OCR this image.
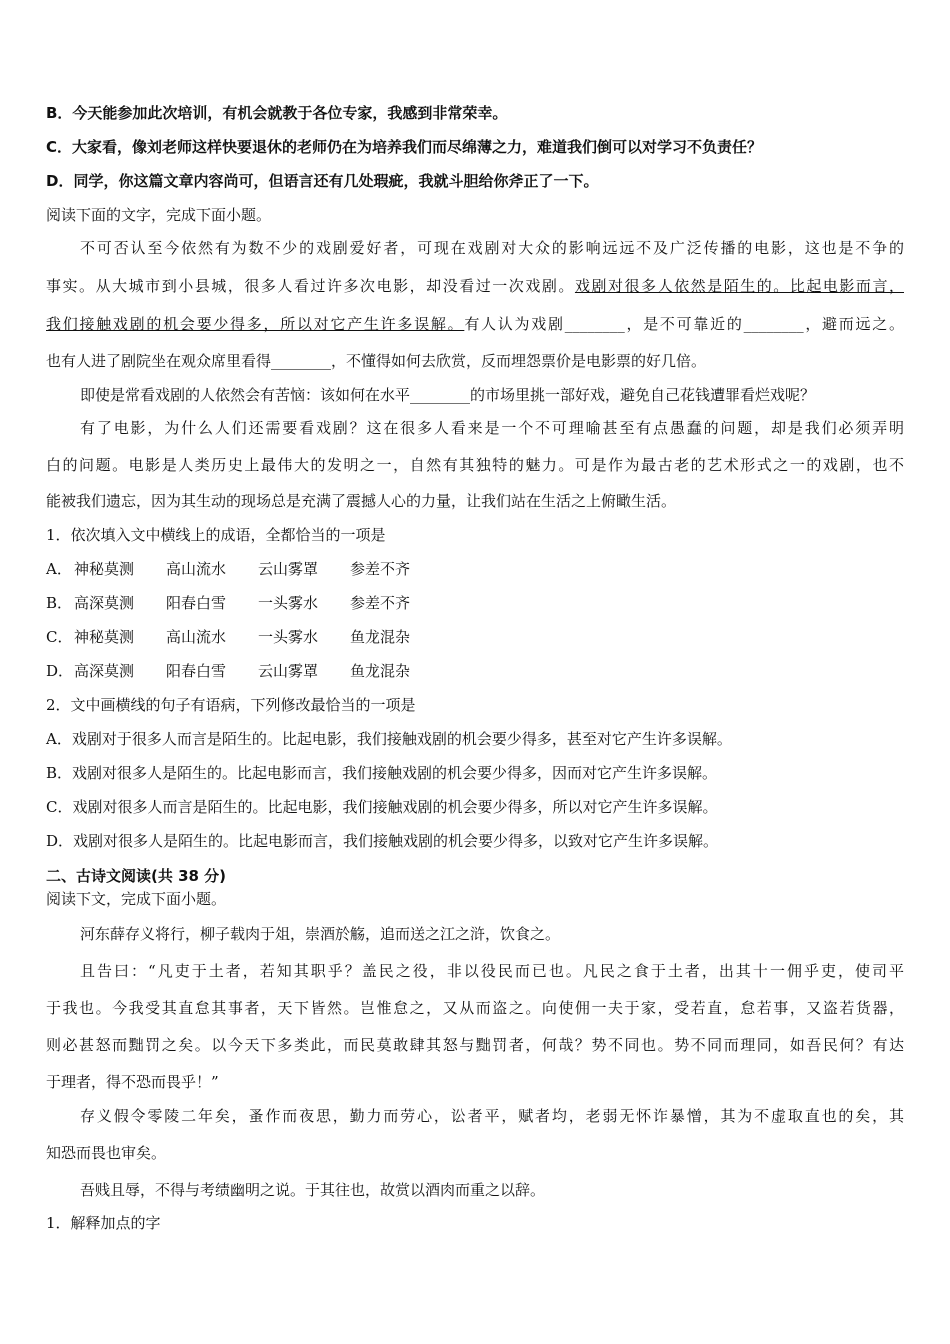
B．今天能参加此次培训，有机会就教于各位专家，我感到非常荣幸。
C．大家看，像刘老师这样快要退休的老师仍在为培养我们而尽绵薄之力，难道我们倒可以对学习不负责任？
D．同学，你这篇文章内容尚可，但语言还有几处瑕疵，我就斗胆给你斧正了一下。
阅读下面的文字，完成下面小题。
不可否认至今依然有为数不少的戏剧爱好者，可现在戏剧对大众的影响远远不及广泛传播的电影，这也是不争的
事实。从大城市到小县城，很多人看过许多次电影，却没看过一次戏剧。戏剧对很多人依然是陌生的。比起电影而言，
我们接触戏剧的机会要少得多，所以对它产生许多误解。有人认为戏剧________，是不可靠近的________，避而远之。
也有人进了剧院坐在观众席里看得________，不懂得如何去欣赏，反而埋怨票价是电影票的好几倍。
即使是常看戏剧的人依然会有苦恼：该如何在水平________的市场里挑一部好戏，避免自己花钱遭罪看烂戏呢？
有了电影，为什么人们还需要看戏剧？这在很多人看来是一个不可理喻甚至有点愚蠢的问题，却是我们必须弄明
白的问题。电影是人类历史上最伟大的发明之一，自然有其独特的魅力。可是作为最古老的艺术形式之一的戏剧，也不
能被我们遗忘，因为其生动的现场总是充满了震撼人心的力量，让我们站在生活之上俯瞰生活。
1．依次填入文中横线上的成语，全都恰当的一项是
A． 神秘莫测 高山流水 云山雾罩 参差不齐
B． 高深莫测 阳春白雪 一头雾水 参差不齐
C． 神秘莫测 高山流水 一头雾水 鱼龙混杂
D．高深莫测 阳春白雪 云山雾罩 鱼龙混杂
2．文中画横线的句子有语病，下列修改最恰当的一项是
A．戏剧对于很多人而言是陌生的。比起电影，我们接触戏剧的机会要少得多，甚至对它产生许多误解。
B．戏剧对很多人是陌生的。比起电影而言，我们接触戏剧的机会要少得多，因而对它产生许多误解。
C．戏剧对很多人而言是陌生的。比起电影，我们接触戏剧的机会要少得多，所以对它产生许多误解。
D．戏剧对很多人是陌生的。比起电影而言，我们接触戏剧的机会要少得多，以致对它产生许多误解。
二、古诗文阅读(共 38 分)
阅读下文，完成下面小题。
河东薛存义将行，柳子载肉于俎，崇酒於觞，追而送之江之浒，饮食之。
且告曰：“凡吏于土者，若知其职乎？盖民之役，非以役民而已也。凡民之食于土者，出其十一佣乎吏，使司平
于我也。今我受其直怠其事者，天下皆然。岂惟怠之，又从而盗之。向使佣一夫于家，受若直，怠若事，又盗若货器，
则必甚怒而黜罚之矣。以今天下多类此，而民莫敢肆其怒与黜罚者，何哉？势不同也。势不同而理同，如吾民何？有达
于理者，得不恐而畏乎！”
存义假令零陵二年矣，蚤作而夜思，勤力而劳心，讼者平，赋者均，老弱无怀诈暴憎，其为不虚取直也的矣，其
知恐而畏也审矣。
吾贱且辱，不得与考绩幽明之说。于其往也，故赏以酒肉而重之以辞。
1．解释加点的字
